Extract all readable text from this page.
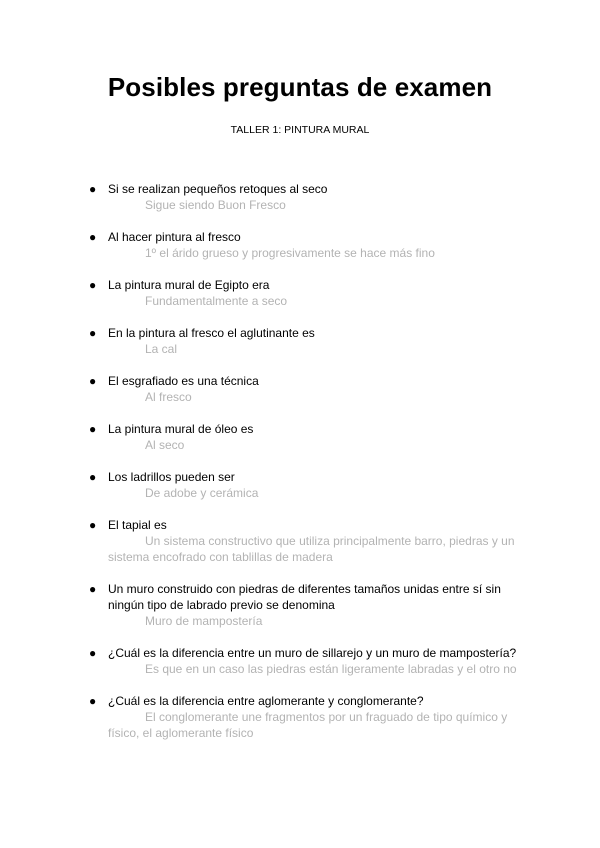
Posibles preguntas de examen

TALLER 1: PINTURA MURAL

● Si se realizan pequeños retoques al seco
Sigue siendo Buon Fresco
● Al hacer pintura al fresco
1º el árido grueso y progresivamente se hace más fino
● La pintura mural de Egipto era
Fundamentalmente a seco
● En la pintura al fresco el aglutinante es
La cal
● El esgrafiado es una técnica
Al fresco
● La pintura mural de óleo es
Al seco
● Los ladrillos pueden ser
De adobe y cerámica
● El tapial es
Un sistema constructivo que utiliza principalmente barro, piedras y un sistema encofrado con tablillas de madera
● Un muro construido con piedras de diferentes tamaños unidas entre sí sin ningún tipo de labrado previo se denomina
Muro de mampostería
● ¿Cuál es la diferencia entre un muro de sillarejo y un muro de mampostería?
Es que en un caso las piedras están ligeramente labradas y el otro no
● ¿Cuál es la diferencia entre aglomerante y conglomerante?
El conglomerante une fragmentos por un fraguado de tipo químico y físico, el aglomerante físico
